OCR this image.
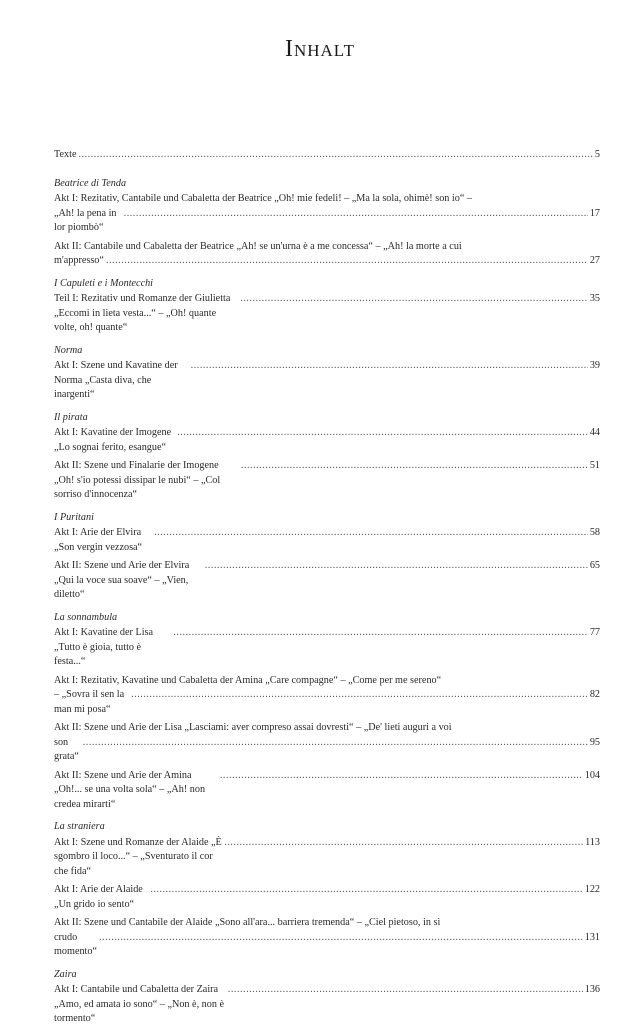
Inhalt
Texte .....	5
Beatrice di Tenda
Akt I: Rezitativ, Cantabile und Cabaletta der Beatrice „Oh! mie fedeli! – „Ma la sola, ohimè! son io“ –
„Ah! la pena in lor piombò“
.....
17
Akt II: Cantabile und Cabaletta der Beatrice „Ah! se un'urna è a me concessa“ – „Ah! la morte a cui
m'appresso“ .....	27
I Capuleti e i Montecchi
Teil I: Rezitativ und Romanze der Giulietta „Eccomi in lieta vesta...“ – „Oh! quante volte, oh! quante“
.....
35
Norma
Akt I: Szene und Kavatine der Norma „Casta diva, che inargenti“
.....
39
Il pirata
Akt I: Kavatine der Imogene „Lo sognai ferito, esangue“
.....
44
Akt II: Szene und Finalarie der Imogene „Oh! s'io potessi dissipar le nubi“ – „Col sorriso d'innocenza“
.....
51
I Puritani
Akt I: Arie der Elvira „Son vergin vezzosa“
.....
58
Akt II: Szene und Arie der Elvira „Qui la voce sua soave“ – „Vien, diletto“
.....
65
La sonnambula
Akt I: Kavatine der Lisa „Tutto è gioia, tutto è festa...“
.....
77
Akt I: Rezitativ, Kavatine und Cabaletta der Amina „Care compagne“ – „Come per me sereno“
– „Sovra il sen la man mi posa“
.....
82
Akt II: Szene und Arie der Lisa „Lasciami: aver compreso assai dovresti“ – „De' lieti auguri a voi
son grata“
.....
95
Akt II: Szene und Arie der Amina „Oh!... se una volta sola“ – „Ah! non credea mirarti“
.....
104
La straniera
Akt I: Szene und Romanze der Alaide „È sgombro il loco...“ – „Sventurato il cor che fida“
.....
113
Akt I: Arie der Alaide „Un grido io sento“
.....
122
Akt II: Szene und Cantabile der Alaide „Sono all'ara... barriera tremenda“ – „Ciel pietoso, in sì
crudo momento“
.....
131
Zaira
Akt I: Cantabile und Cabaletta der Zaira „Amo, ed amata io sono“ – „Non è, non è tormento“
.....
136
